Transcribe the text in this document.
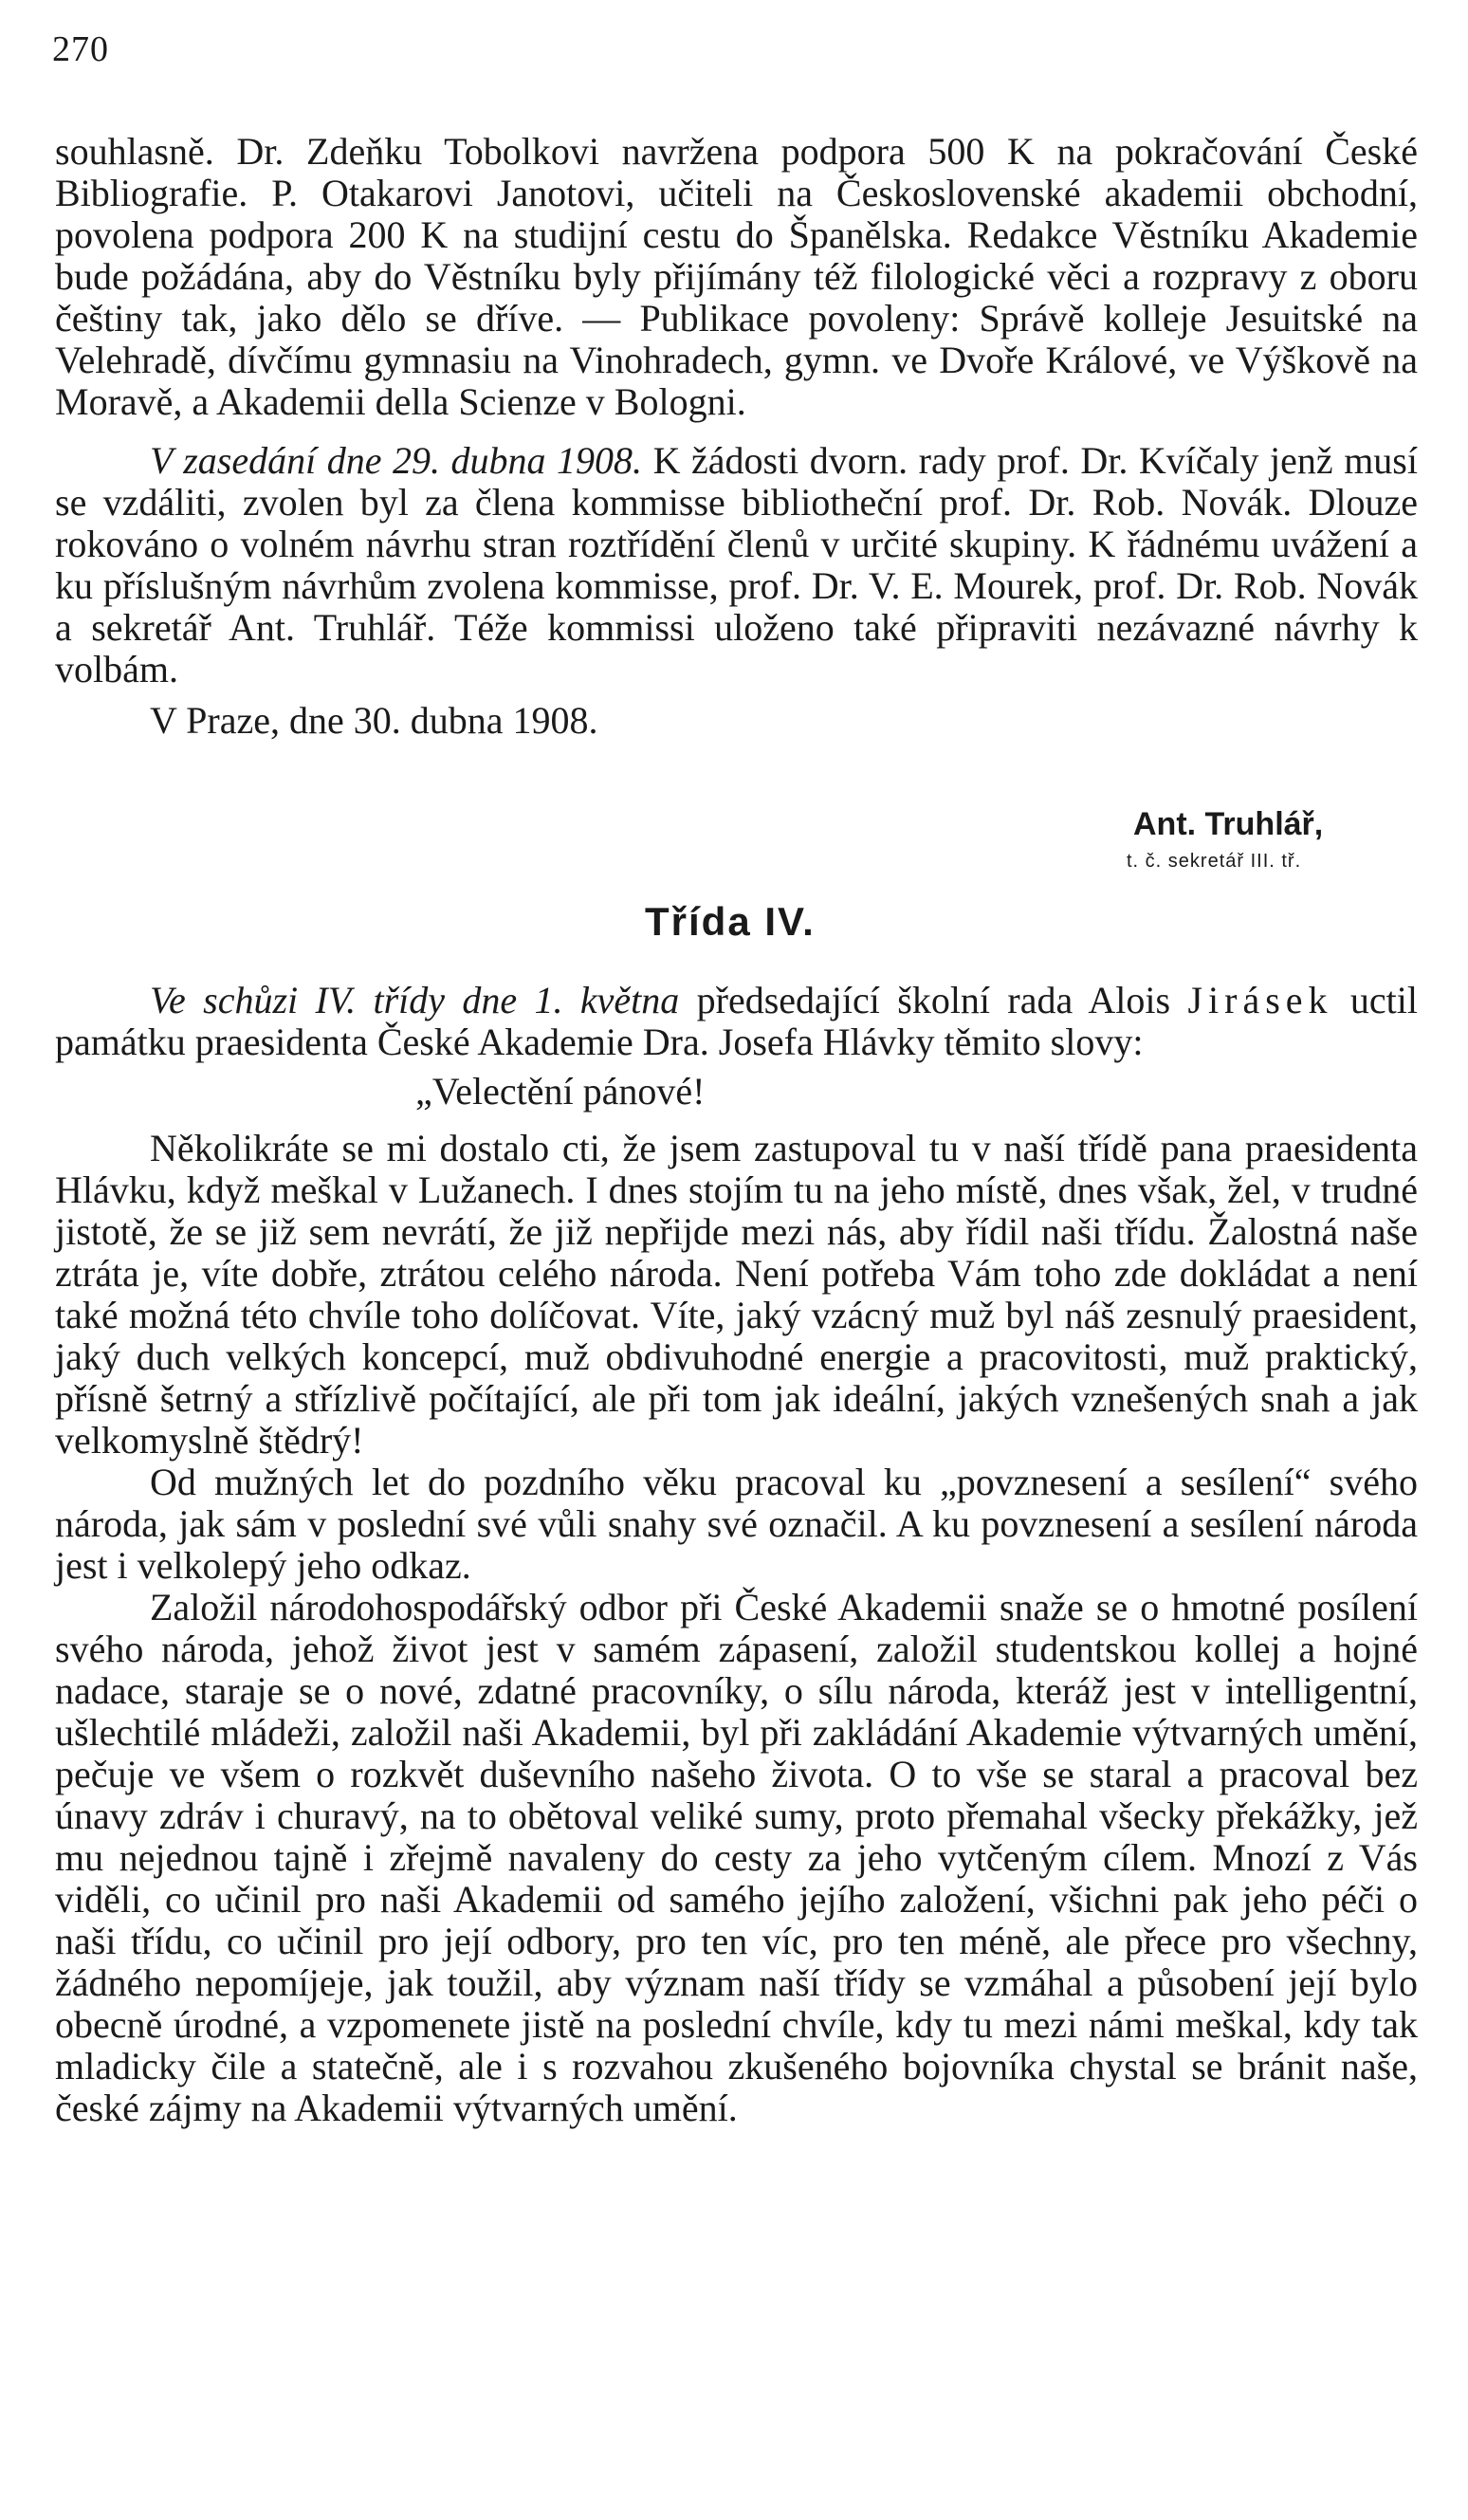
270

souhlasně. Dr. Zdeňku Tobolkovi navržena podpora 500 K na pokračování České Bibliografie. P. Otakarovi Janotovi, učiteli na Československé akademii obchodní, povolena podpora 200 K na studijní cestu do Španělska. Redakce Věstníku Akademie bude požádána, aby do Věstníku byly přijímány též filologické věci a rozpravy z oboru češtiny tak, jako dělo se dříve. — Publikace povoleny: Správě kolleje Jesuitské na Velehradě, dívčímu gymnasiu na Vinohradech, gymn. ve Dvoře Králové, ve Výškově na Moravě, a Akademii della Scienze v Bologni.

V zasedání dne 29. dubna 1908. K žádosti dvorn. rady prof. Dr. Kvíčaly jenž musí se vzdáliti, zvolen byl za člena kommisse bibliotheční prof. Dr. Rob. Novák. Dlouze rokováno o volném návrhu stran roztřídění členů v určité skupiny. K řádnému uvážení a ku příslušným návrhům zvolena kommisse, prof. Dr. V. E. Mourek, prof. Dr. Rob. Novák a sekretář Ant. Truhlář. Téže kommissi uloženo také připraviti nezávazné návrhy k volbám.

V Praze, dne 30. dubna 1908.

Ant. Truhlář,
t. č. sekretář III. tř.
Třída IV.

Ve schůzi IV. třídy dne 1. května předsedající školní rada Alois Jirásek uctil památku praesidenta České Akademie Dra. Josefa Hlávky těmito slovy:

„Velectění pánové!

Několikráte se mi dostalo cti, že jsem zastupoval tu v naší třídě pana praesidenta Hlávku, když meškal v Lužanech. I dnes stojím tu na jeho místě, dnes však, žel, v trudné jistotě, že se již sem nevrátí, že již nepřijde mezi nás, aby řídil naši třídu. Žalostná naše ztráta je, víte dobře, ztrátou celého národa. Není potřeba Vám toho zde dokládat a není také možná této chvíle toho dolíčovat. Víte, jaký vzácný muž byl náš zesnulý praesident, jaký duch velkých koncepcí, muž obdivuhodné energie a pracovitosti, muž praktický, přísně šetrný a střízlivě počítající, ale při tom jak ideální, jakých vznešených snah a jak velkomyslně štědrý!

Od mužných let do pozdního věku pracoval ku „povznesení a sesílení“ svého národa, jak sám v poslední své vůli snahy své označil. A ku povznesení a sesílení národa jest i velkolepý jeho odkaz.

Založil národohospodářský odbor při České Akademii snaže se o hmotné posílení svého národa, jehož život jest v samém zápasení, založil studentskou kollej a hojné nadace, staraje se o nové, zdatné pracovníky, o sílu národa, kteráž jest v intelligentní, ušlechtilé mládeži, založil naši Akademii, byl při zakládání Akademie výtvarných umění, pečuje ve všem o rozkvět duševního našeho života. O to vše se staral a pracoval bez únavy zdráv i churavý, na to obětoval veliké sumy, proto přemahal všecky překážky, jež mu nejednou tajně i zřejmě navaleny do cesty za jeho vytčeným cílem. Mnozí z Vás viděli, co učinil pro naši Akademii od samého jejího založení, všichni pak jeho péči o naši třídu, co učinil pro její odbory, pro ten víc, pro ten méně, ale přece pro všechny, žádného nepomíjeje, jak toužil, aby význam naší třídy se vzmáhal a působení její bylo obecně úrodné, a vzpomenete jistě na poslední chvíle, kdy tu mezi námi meškal, kdy tak mladicky čile a statečně, ale i s rozvahou zkušeného bojovníka chystal se bránit naše, české zájmy na Akademii výtvarných umění.
